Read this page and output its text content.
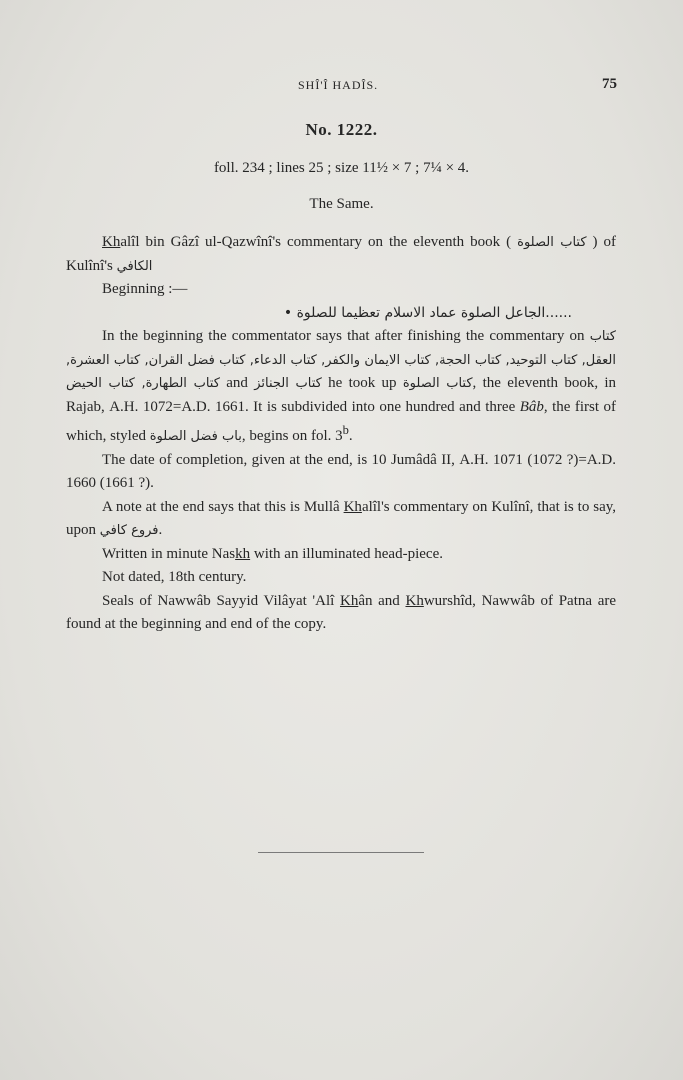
SHÎ'Î HADÎS.	75
No. 1222.
foll. 234 ; lines 25 ; size 11½ × 7 ; 7¼ × 4.
The Same.

Khalîl bin Gâzî ul-Qazwînî's commentary on the eleventh book ( كتاب الصلوة ) of Kulînî's الكافي

Beginning :—

......الجاعل الصلوة عماد الاسلام تعظيما للصلوة •

In the beginning the commentator says that after finishing the commentary on كتاب العقل, كتاب التوحيد, كتاب الحجة, كتاب الايمان والكفر, كتاب الدعاء, كتاب فضل القران, كتاب العشرة, كتاب الطهارة, كتاب الحيض and كتاب الجنائز he took up كتاب الصلوة, the eleventh book, in Rajab, A.H. 1072=A.D. 1661. It is subdivided into one hundred and three Bâb, the first of which, styled باب فضل الصلوة, begins on fol. 3$^b$.

The date of completion, given at the end, is 10 Jumâdâ II, A.H. 1071 (1072 ?)=A.D. 1660 (1661 ?).

A note at the end says that this is Mullâ Khalîl's commentary on Kulînî, that is to say, upon فروع كافي.

Written in minute Naskh with an illuminated head-piece.

Not dated, 18th century.

Seals of Nawwâb Sayyid Vilâyat 'Alî Khân and Khwurshîd, Nawwâb of Patna are found at the beginning and end of the copy.
